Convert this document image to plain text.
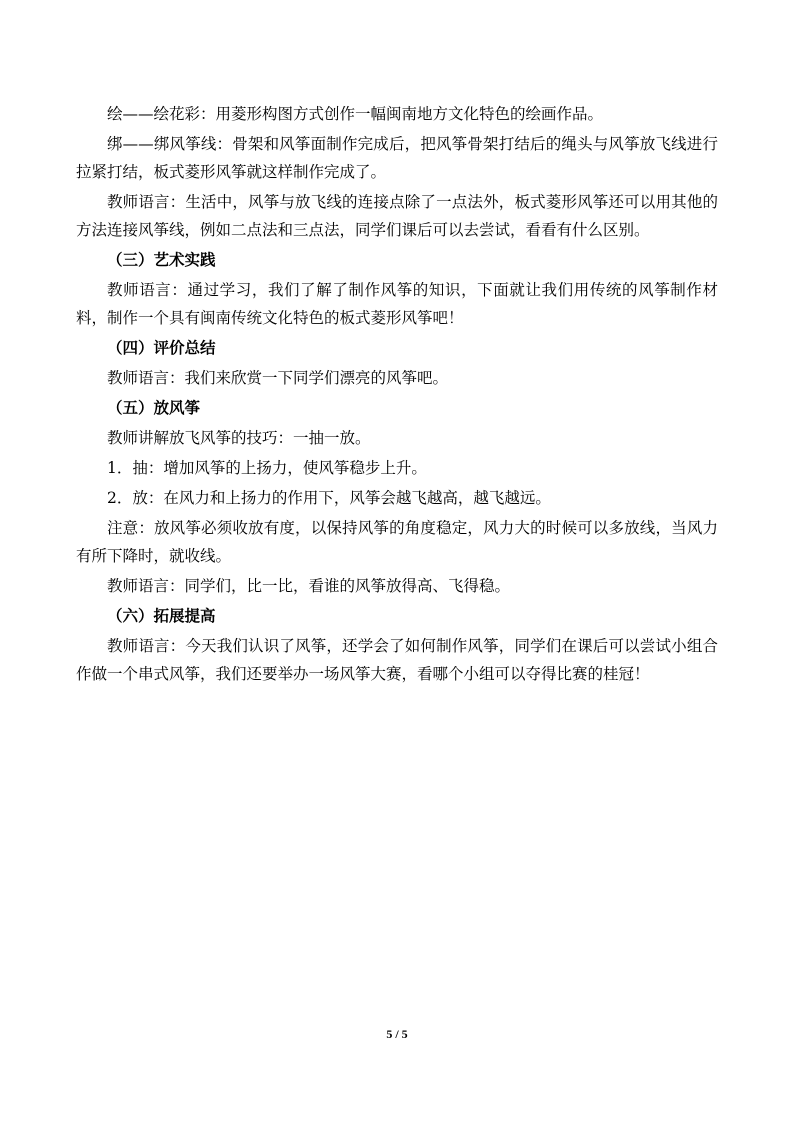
绘——绘花彩：用菱形构图方式创作一幅闽南地方文化特色的绘画作品。

绑——绑风筝线：骨架和风筝面制作完成后，把风筝骨架打结后的绳头与风筝放飞线进行拉紧打结，板式菱形风筝就这样制作完成了。

教师语言：生活中，风筝与放飞线的连接点除了一点法外，板式菱形风筝还可以用其他的方法连接风筝线，例如二点法和三点法，同学们课后可以去尝试，看看有什么区别。

（三）艺术实践

教师语言：通过学习，我们了解了制作风筝的知识，下面就让我们用传统的风筝制作材料，制作一个具有闽南传统文化特色的板式菱形风筝吧！

（四）评价总结

教师语言：我们来欣赏一下同学们漂亮的风筝吧。

（五）放风筝

教师讲解放飞风筝的技巧：一抽一放。

1．抽：增加风筝的上扬力，使风筝稳步上升。

2．放：在风力和上扬力的作用下，风筝会越飞越高，越飞越远。

注意：放风筝必须收放有度，以保持风筝的角度稳定，风力大的时候可以多放线，当风力有所下降时，就收线。

教师语言：同学们，比一比，看谁的风筝放得高、飞得稳。

（六）拓展提高

教师语言：今天我们认识了风筝，还学会了如何制作风筝，同学们在课后可以尝试小组合作做一个串式风筝，我们还要举办一场风筝大赛，看哪个小组可以夺得比赛的桂冠！

5 / 5
